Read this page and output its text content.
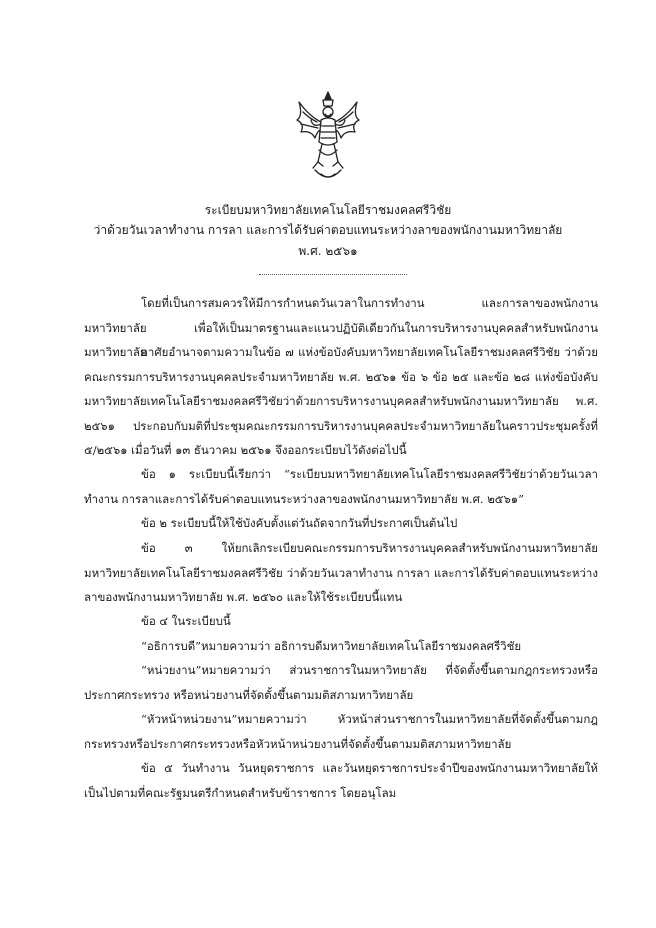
ระเบียบมหาวิทยาลัยเทคโนโลยีราชมงคลศรีวิชัย
ว่าด้วยวันเวลาทำงาน การลา และการได้รับค่าตอบแทนระหว่างลาของพนักงานมหาวิทยาลัย
พ.ศ. ๒๕๖๑
โดยที่เป็นการสมควรให้มีการกำหนดวันเวลาในการทำงาน และการลาของพนักงานมหาวิทยาลัย เพื่อให้เป็นมาตรฐานและแนวปฏิบัติเดียวกันในการบริหารงานบุคคลสำหรับพนักงานมหาวิทยาลัย
อาศัยอำนาจตามความในข้อ ๗ แห่งข้อบังคับมหาวิทยาลัยเทคโนโลยีราชมงคลศรีวิชัย ว่าด้วยคณะกรรมการบริหารงานบุคคลประจำมหาวิทยาลัย พ.ศ. ๒๕๖๑ ข้อ ๖ ข้อ ๒๕ และข้อ ๒๘ แห่งข้อบังคับมหาวิทยาลัยเทคโนโลยีราชมงคลศรีวิชัยว่าด้วยการบริหารงานบุคคลสำหรับพนักงานมหาวิทยาลัย พ.ศ. ๒๕๖๑ ประกอบกับมติที่ประชุมคณะกรรมการบริหารงานบุคคลประจำมหาวิทยาลัยในคราวประชุมครั้งที่ ๕/๒๕๖๑ เมื่อวันที่ ๑๓ ธันวาคม ๒๕๖๑ จึงออกระเบียบไว้ดังต่อไปนี้
ข้อ ๑ ระเบียบนี้เรียกว่า “ระเบียบมหาวิทยาลัยเทคโนโลยีราชมงคลศรีวิชัยว่าด้วยวันเวลาทำงาน การลาและการได้รับค่าตอบแทนระหว่างลาของพนักงานมหาวิทยาลัย พ.ศ. ๒๕๖๑”
ข้อ ๒ ระเบียบนี้ให้ใช้บังคับตั้งแต่วันถัดจากวันที่ประกาศเป็นต้นไป
ข้อ ๓ ให้ยกเลิกระเบียบคณะกรรมการบริหารงานบุคคลสำหรับพนักงานมหาวิทยาลัย มหาวิทยาลัยเทคโนโลยีราชมงคลศรีวิชัย ว่าด้วยวันเวลาทำงาน การลา และการได้รับค่าตอบแทนระหว่างลาของพนักงานมหาวิทยาลัย พ.ศ. ๒๕๖๐ และให้ใช้ระเบียบนี้แทน
ข้อ ๔ ในระเบียบนี้
“อธิการบดี”หมายความว่า อธิการบดีมหาวิทยาลัยเทคโนโลยีราชมงคลศรีวิชัย
“หน่วยงาน”หมายความว่า ส่วนราชการในมหาวิทยาลัย ที่จัดตั้งขึ้นตามกฎกระทรวงหรือประกาศกระทรวง หรือหน่วยงานที่จัดตั้งขึ้นตามมติสภามหาวิทยาลัย
“หัวหน้าหน่วยงาน”หมายความว่า หัวหน้าส่วนราชการในมหาวิทยาลัยที่จัดตั้งขึ้นตามกฎกระทรวงหรือประกาศกระทรวงหรือหัวหน้าหน่วยงานที่จัดตั้งขึ้นตามมติสภามหาวิทยาลัย
ข้อ ๕ วันทำงาน วันหยุดราชการ และวันหยุดราชการประจำปีของพนักงานมหาวิทยาลัยให้เป็นไปตามที่คณะรัฐมนตรีกำหนดสำหรับข้าราชการ โดยอนุโลม
